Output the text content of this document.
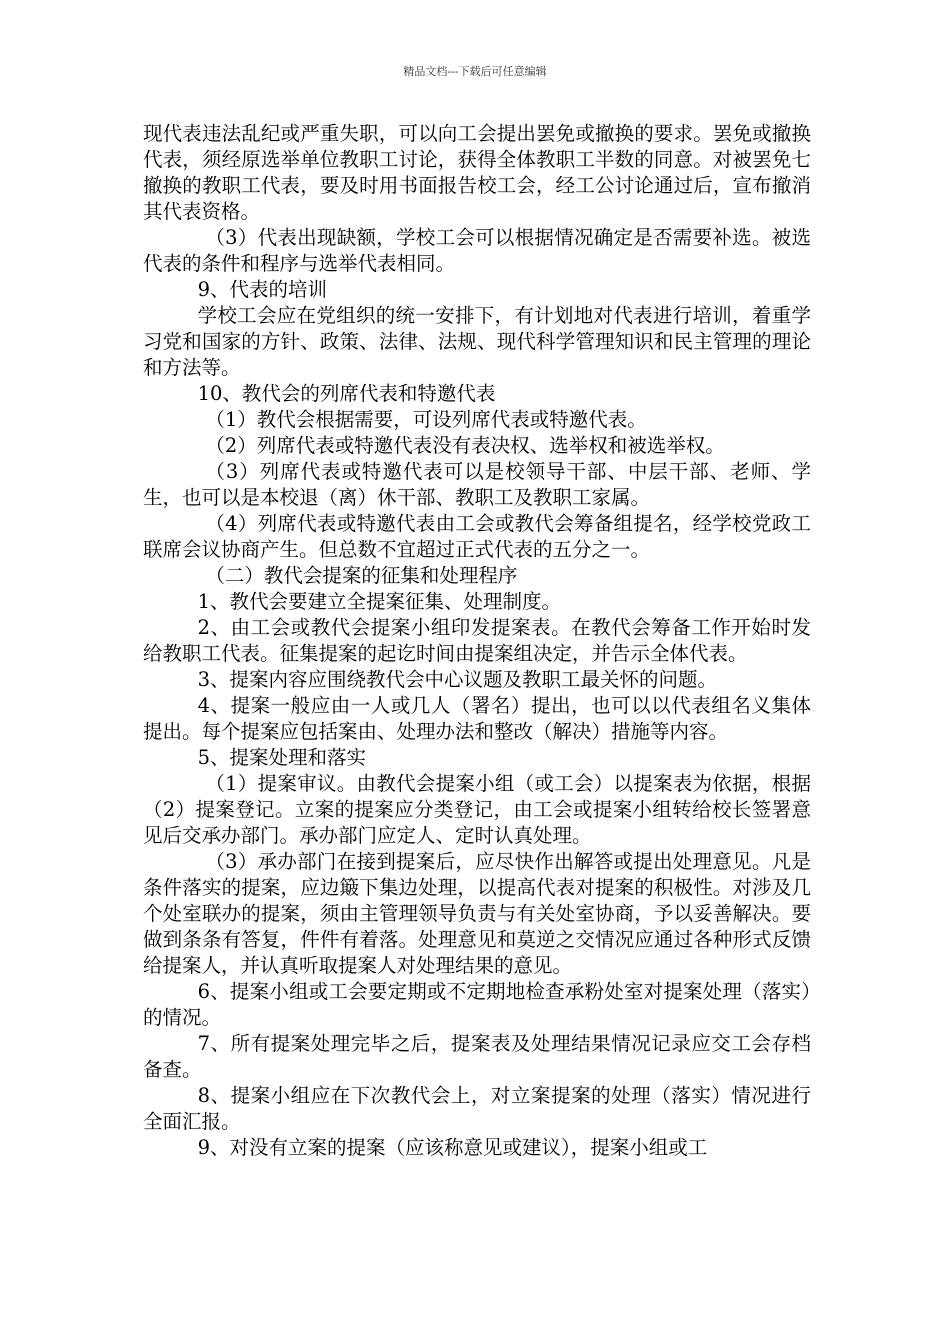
精品文档---下载后可任意编辑

现代表违法乱纪或严重失职，可以向工会提出罢免或撤换的要求。罢免或撤换代表，须经原选举单位教职工讨论，获得全体教职工半数的同意。对被罢免七撤换的教职工代表，要及时用书面报告校工会，经工公讨论通过后，宣布撤消其代表资格。

（3）代表出现缺额，学校工会可以根据情况确定是否需要补选。被选代表的条件和程序与选举代表相同。

9、代表的培训

学校工会应在党组织的统一安排下，有计划地对代表进行培训，着重学习党和国家的方针、政策、法律、法规、现代科学管理知识和民主管理的理论和方法等。

10、教代会的列席代表和特邀代表

（1）教代会根据需要，可设列席代表或特邀代表。

（2）列席代表或特邀代表没有表决权、选举权和被选举权。

（3）列席代表或特邀代表可以是校领导干部、中层干部、老师、学生，也可以是本校退（离）休干部、教职工及教职工家属。

（4）列席代表或特邀代表由工会或教代会筹备组提名，经学校党政工联席会议协商产生。但总数不宜超过正式代表的五分之一。

（二）教代会提案的征集和处理程序

1、教代会要建立全提案征集、处理制度。

2、由工会或教代会提案小组印发提案表。在教代会筹备工作开始时发给教职工代表。征集提案的起讫时间由提案组决定，并告示全体代表。

3、提案内容应围绕教代会中心议题及教职工最关怀的问题。

4、提案一般应由一人或几人（署名）提出，也可以以代表组名义集体提出。每个提案应包括案由、处理办法和整改（解决）措施等内容。

5、提案处理和落实

（1）提案审议。由教代会提案小组（或工会）以提案表为依据，根据（2）提案登记。立案的提案应分类登记，由工会或提案小组转给校长签署意见后交承办部门。承办部门应定人、定时认真处理。

（3）承办部门在接到提案后，应尽快作出解答或提出处理意见。凡是条件落实的提案，应边簸下集边处理，以提高代表对提案的积极性。对涉及几个处室联办的提案，须由主管理领导负责与有关处室协商，予以妥善解决。要做到条条有答复，件件有着落。处理意见和莫逆之交情况应通过各种形式反馈给提案人，并认真听取提案人对处理结果的意见。

6、提案小组或工会要定期或不定期地检查承粉处室对提案处理（落实）的情况。

7、所有提案处理完毕之后，提案表及处理结果情况记录应交工会存档备查。

8、提案小组应在下次教代会上，对立案提案的处理（落实）情况进行全面汇报。

9、对没有立案的提案（应该称意见或建议），提案小组或工
